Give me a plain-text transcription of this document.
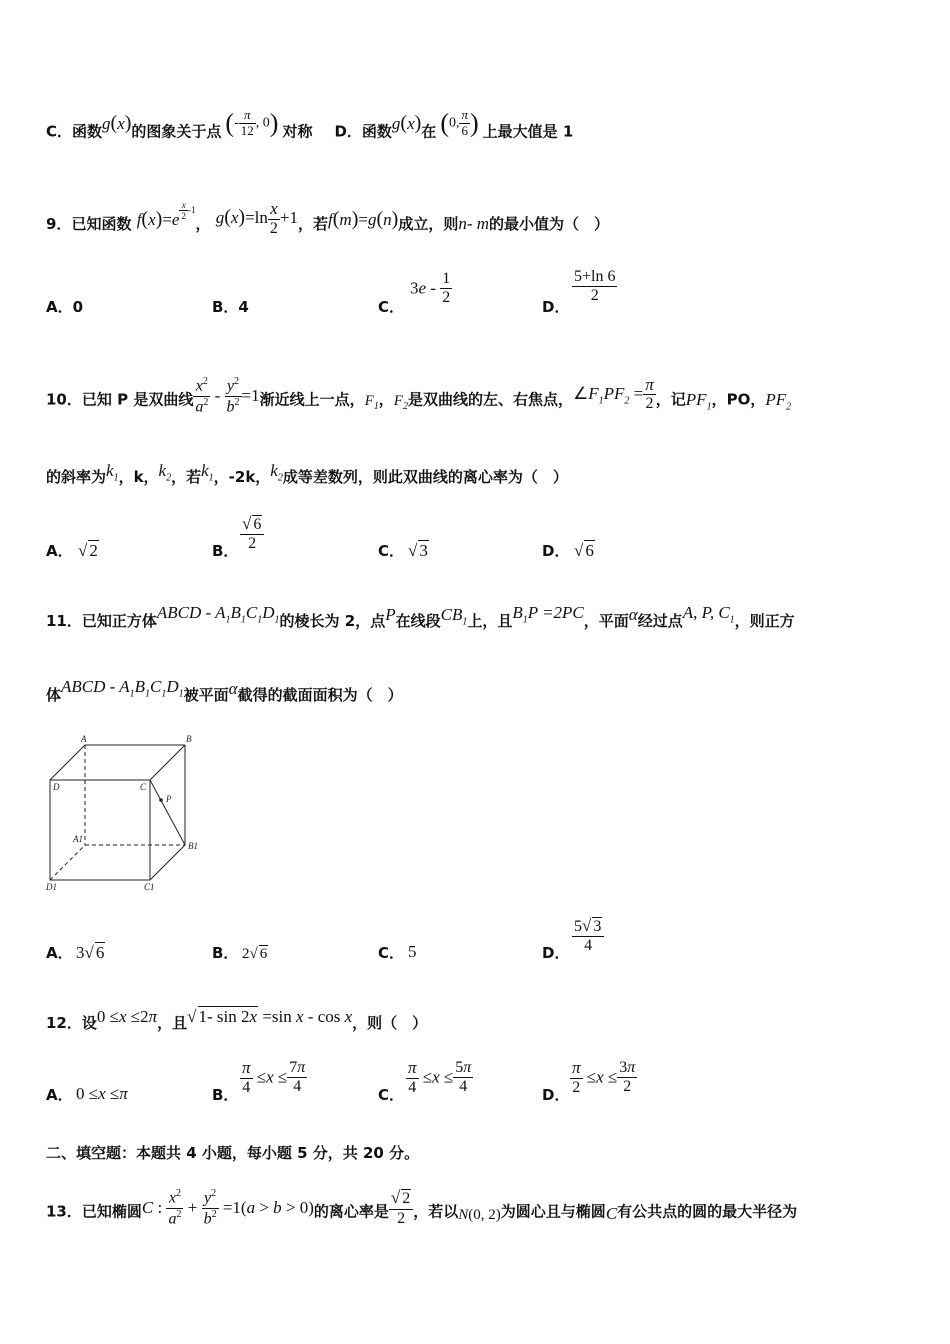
C．函数g(x)的图象关于点 (- $\frac{\pi}{12}$ , 0) 对称 D．函数g(x)在 (0, $\frac{\pi}{6}$ ) 上最大值是 1
9．已知函数 f(x)=e $^{\frac{x}{2} -1}$， $g(x)=\ln \frac{x}{2} +1$，若f(m)=g(n)成立，则n- m的最小值为（　）
A．0	B．4	C．
$3e - \frac{1}{2}$	D．
$\frac{5+\ln 6}{2}$
10．已知 P 是双曲线 $\frac{x^2}{a^2} - \frac{y^2}{b^2} =1$渐近线上一点，$F_1$，$F_2$是双曲线的左、右焦点，$\angle F_1PF_2 = \frac{\pi}{2}$ ，记$PF_1$，PO，$PF_2$
的斜率为$k_1$，k，$k_2$，若$k_1$，-2k，$k_2$成等差数列，则此双曲线的离心率为（　）
A． √ 2	B． $\frac{√ 6}{2}$	C． √ 3	D． √ 6
11．已知正方体ABCD - $A_1B_1C_1D_1$的棱长为 2，点P在线段$CB_1$上，且$B_1P =2PC$，平面α经过点A, P, $C_1$，则正方
体ABCD - $A_1B_1C_1D_1$被平面α截得的截面面积为（　）
A	B
D	C
P
A1
B1
D1	C1
A． 3√ 6	B． 2√ 6	C． 5	D． $\frac{5√ 3}{4}$
12．设0 ≤x ≤2π，且√ 1- sin 2x =sin x - cos x，则（　）
A． 0 ≤x ≤π	B． $\frac{\pi}{4} \le x \le \frac{7\pi}{4}$	C． $\frac{\pi}{4} \le x \le \frac{5\pi}{4}$	D． $\frac{\pi}{2} \le x \le \frac{3\pi}{2}$
二、填空题：本题共 4 小题，每小题 5 分，共 20 分。
13．已知椭圆C : $\frac{x^2}{a^2} + \frac{y^2}{b^2} =1(a > b > 0)$的离心率是 $\frac{√ 2}{2}$ ，若以N(0, 2)为圆心且与椭圆C有公共点的圆的最大半径为
